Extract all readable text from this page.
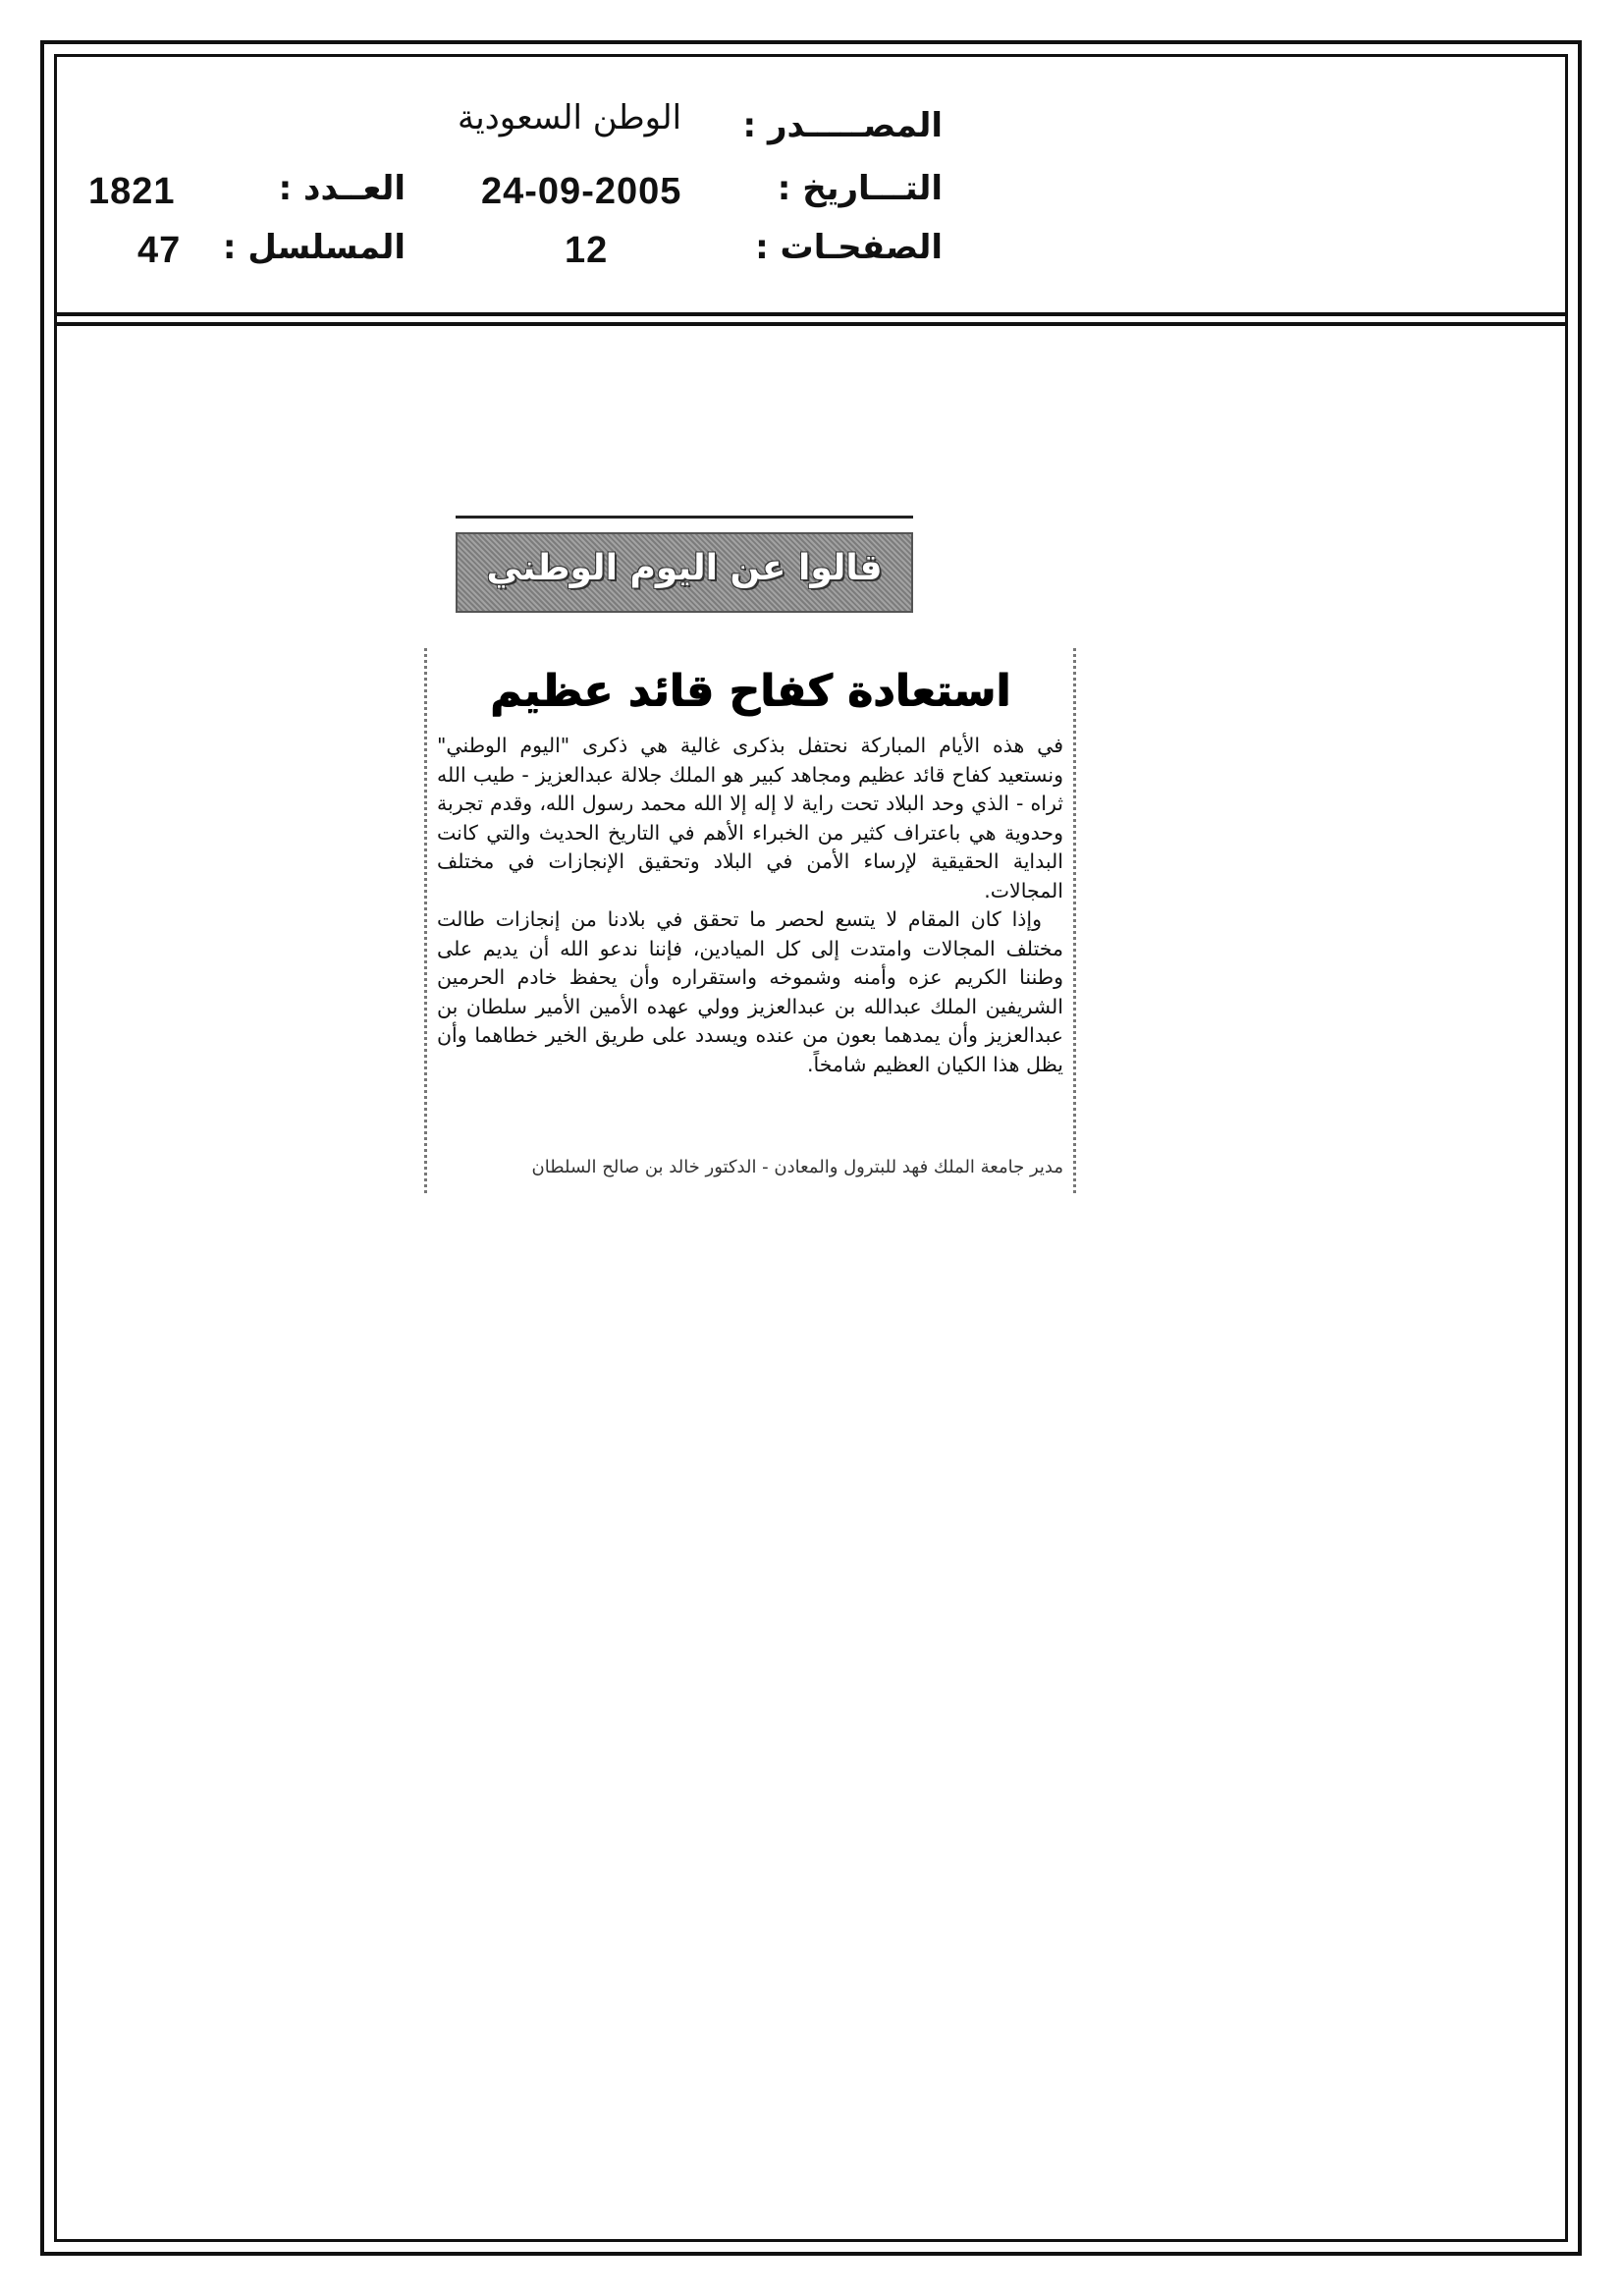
المصـــــدر :
الوطن السعودية
التـــاريخ :
24-09-2005
العــدد :
1821
الصفحـات :
12
المسلسل :
47
قالوا عن اليوم الوطني
استعادة كفاح قائد عظيم

في هذه الأيام المباركة نحتفل بذكرى غالية هي ذكرى "اليوم الوطني" ونستعيد كفاح قائد عظيم ومجاهد كبير هو الملك جلالة عبدالعزيز - طيب الله ثراه - الذي وحد البلاد تحت راية لا إله إلا الله محمد رسول الله، وقدم تجربة وحدوية هي باعتراف كثير من الخبراء الأهم في التاريخ الحديث والتي كانت البداية الحقيقية لإرساء الأمن في البلاد وتحقيق الإنجازات في مختلف المجالات.

وإذا كان المقام لا يتسع لحصر ما تحقق في بلادنا من إنجازات طالت مختلف المجالات وامتدت إلى كل الميادين، فإننا ندعو الله أن يديم على وطننا الكريم عزه وأمنه وشموخه واستقراره وأن يحفظ خادم الحرمين الشريفين الملك عبدالله بن عبدالعزيز وولي عهده الأمين الأمير سلطان بن عبدالعزيز وأن يمدهما بعون من عنده ويسدد على طريق الخير خطاهما وأن يظل هذا الكيان العظيم شامخاً.

مدير جامعة الملك فهد للبترول والمعادن - الدكتور خالد بن صالح السلطان
